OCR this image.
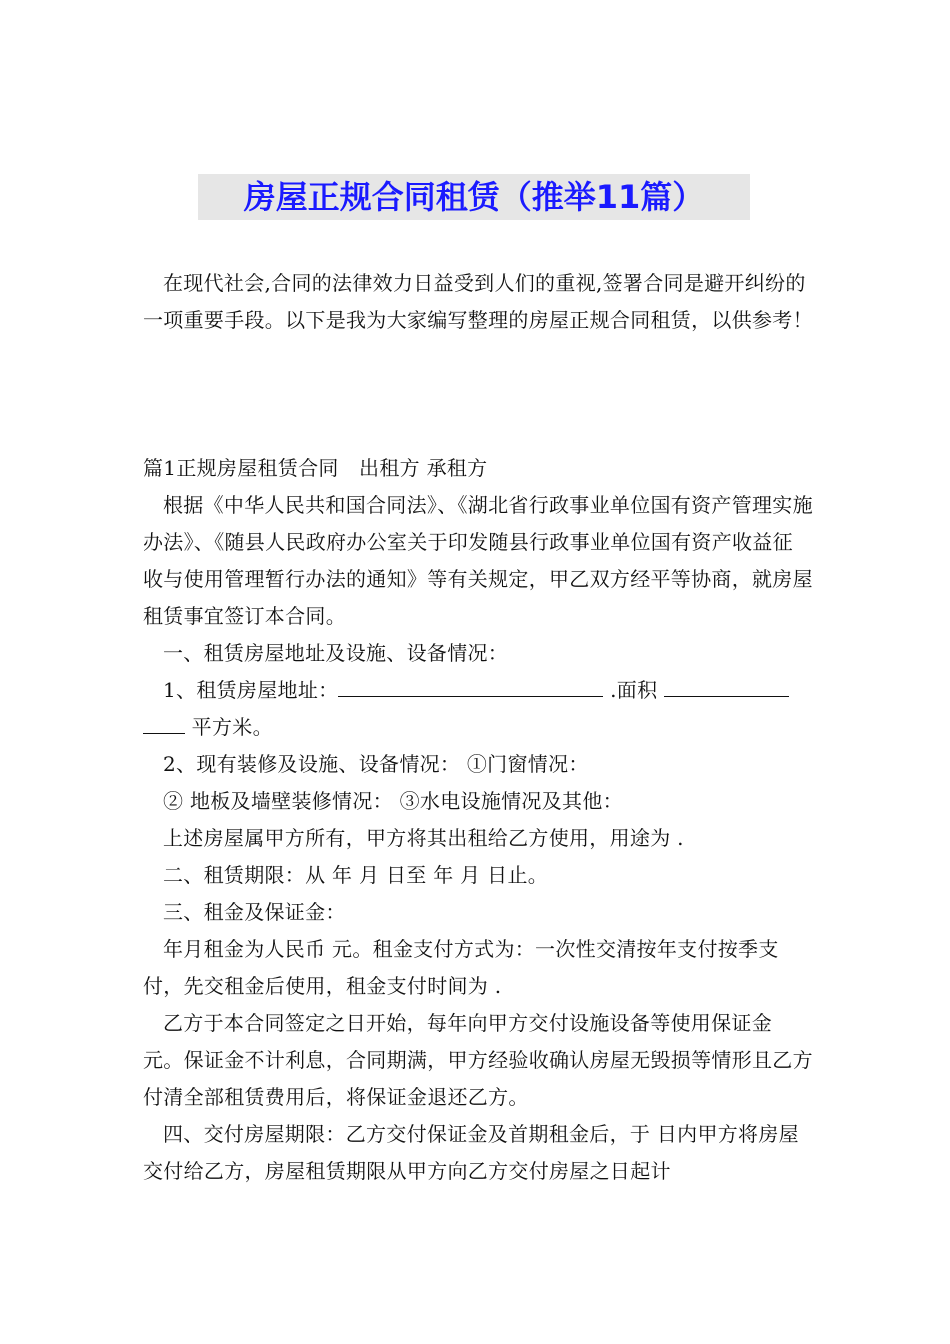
房屋正规合同租赁（推举11篇）

在现代社会,合同的法律效力日益受到人们的重视,签署合同是避开纠纷的一项重要手段。以下是我为大家编写整理的房屋正规合同租赁，以供参考！

篇1正规房屋租赁合同　出租方 承租方

根据《中华人民共和国合同法》、《湖北省行政事业单位国有资产管理实施办法》、《随县人民政府办公室关于印发随县行政事业单位国有资产收益征收与使用管理暂行办法的通知》等有关规定，甲乙双方经平等协商，就房屋租赁事宜签订本合同。

一、租赁房屋地址及设施、设备情况：

1、租赁房屋地址：	.面积
平方米。

2、现有装修及设施、设备情况： ①门窗情况：

② 地板及墙壁装修情况： ③水电设施情况及其他：

上述房屋属甲方所有，甲方将其出租给乙方使用，用途为 .

二、租赁期限：从 年 月 日至 年 月 日止。

三、租金及保证金：

年月租金为人民币 元。租金支付方式为：一次性交清按年支付按季支付，先交租金后使用，租金支付时间为 .

乙方于本合同签定之日开始，每年向甲方交付设施设备等使用保证金 元。保证金不计利息，合同期满，甲方经验收确认房屋无毁损等情形且乙方付清全部租赁费用后，将保证金退还乙方。

四、交付房屋期限：乙方交付保证金及首期租金后，于 日内甲方将房屋交付给乙方，房屋租赁期限从甲方向乙方交付房屋之日起计
